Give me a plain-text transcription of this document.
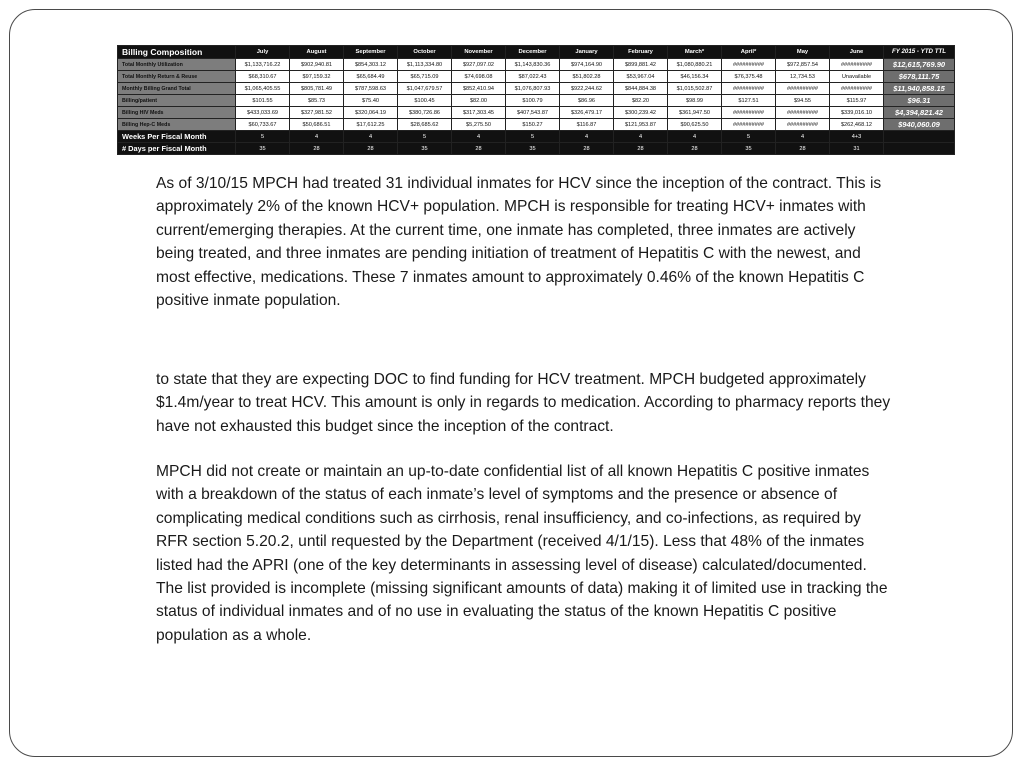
Billing Composition	July	August	September	October	November	December	January	February	March*	April*	May	June	FY 2015 - YTD TTL
Total Monthly Utilization	$1,133,716.22	$902,940.81	$854,303.12	$1,113,334.80	$927,097.02	$1,143,830.36	$974,164.90	$899,881.42	$1,080,880.21	##########	$972,857.54	##########	$12,615,769.90
Total Monthly Return & Reuse	$68,310.67	$97,159.32	$65,684.49	$65,715.09	$74,698.08	$87,022.43	$51,802.28	$53,967.04	$46,156.34	$76,375.48	12,734.53	Unavailable	$678,111.75
Monthly Billing Grand Total	$1,065,405.55	$805,781.49	$787,598.63	$1,047,679.57	$852,410.94	$1,076,807.93	$922,244.62	$844,884.38	$1,015,502.87	##########	##########	##########	$11,940,858.15
Billing/patient	$101.55	$85.73	$75.40	$100.45	$82.00	$100.79	$86.96	$82.20	$98.99	$127.51	$94.55	$115.97	$96.31
Billing HIV Meds	$433,033.69	$327,981.52	$320,064.19	$380,726.86	$317,303.45	$407,543.87	$326,479.17	$300,239.42	$361,947.50	##########	##########	$339,016.10	$4,394,821.42
Billing Hep-C Meds	$60,733.67	$50,686.51	$17,612.25	$28,685.62	$5,275.50	$150.27	$116.87	$121,953.87	$90,625.50	##########	##########	$262,468.12	$940,060.09
Weeks Per Fiscal Month	5	4	4	5	4	5	4	4	4	5	4	4+3	
# Days per Fiscal Month	35	28	28	35	28	35	28	28	28	35	28	31	

As of 3/10/15 MPCH had treated 31 individual inmates for HCV since the inception of the contract. This is approximately 2% of the known HCV+ population. MPCH is responsible for treating HCV+ inmates with current/emerging therapies. At the current time, one inmate has completed, three inmates are actively being treated, and three inmates are pending initiation of treatment of Hepatitis C with the newest, and most effective, medications. These 7 inmates amount to approximately 0.46% of the known Hepatitis C positive inmate population.

to state that they are expecting DOC to find funding for HCV treatment. MPCH budgeted approximately $1.4m/year to treat HCV. This amount is only in regards to medication. According to pharmacy reports they have not exhausted this budget since the inception of the contract.

MPCH did not create or maintain an up-to-date confidential list of all known Hepatitis C positive inmates with a breakdown of the status of each inmate’s level of symptoms and the presence or absence of complicating medical conditions such as cirrhosis, renal insufficiency, and co-infections, as required by RFR section 5.20.2, until requested by the Department (received 4/1/15). Less that 48% of the inmates listed had the APRI (one of the key determinants in assessing level of disease) calculated/documented. The list provided is incomplete (missing significant amounts of data) making it of limited use in tracking the status of individual inmates and of no use in evaluating the status of the known Hepatitis C positive population as a whole.
